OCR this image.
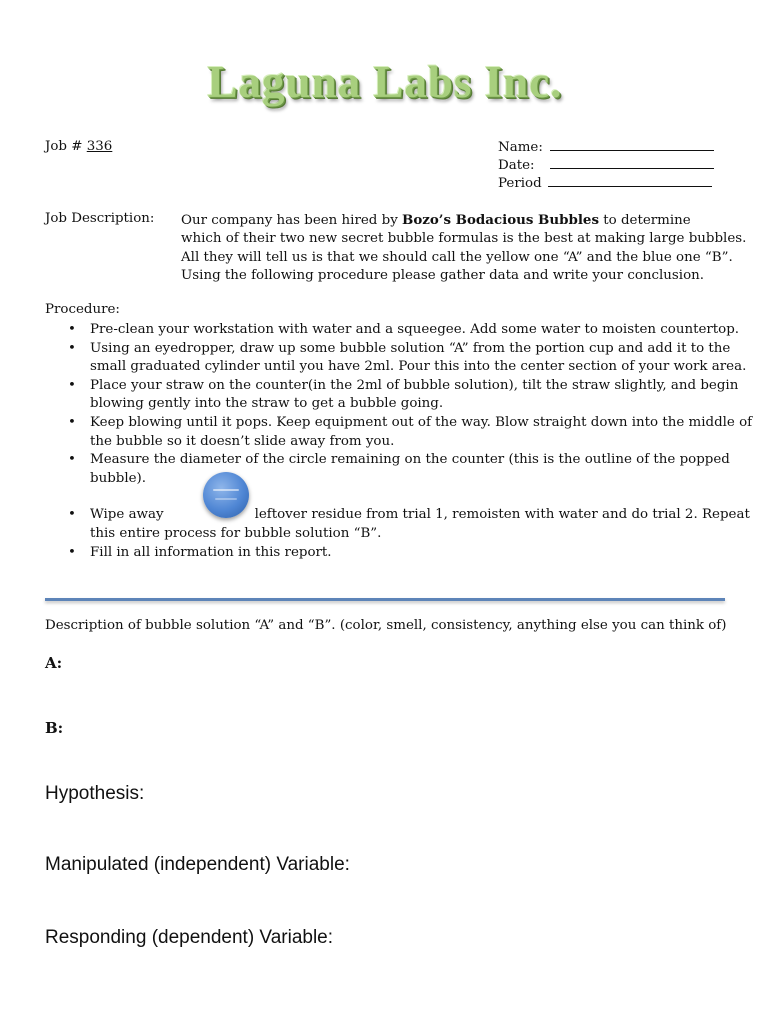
Laguna Labs Inc.
Job # 336	Name:
Date:
Period
Job Description: Our company has been hired by Bozo’s Bodacious Bubbles to determine
which of their two new secret bubble formulas is the best at making large bubbles.
All they will tell us is that we should call the yellow one “A” and the blue one “B”.
Using the following procedure please gather data and write your conclusion.
Procedure:
• Pre-clean your workstation with water and a squeegee. Add some water to moisten countertop.
• Using an eyedropper, draw up some bubble solution “A” from the portion cup and add it to the
small graduated cylinder until you have 2ml. Pour this into the center section of your work area.
• Place your straw on the counter(in the 2ml of bubble solution), tilt the straw slightly, and begin
blowing gently into the straw to get a bubble going.
• Keep blowing until it pops. Keep equipment out of the way. Blow straight down into the middle of
the bubble so it doesn’t slide away from you.
• Measure the diameter of the circle remaining on the counter (this is the outline of the popped
bubble).
• Wipe away	leftover residue from trial 1, remoisten with water and do trial 2. Repeat
this entire process for bubble solution “B”.
• Fill in all information in this report.
Description of bubble solution “A” and “B”. (color, smell, consistency, anything else you can think of)
A:
B:
Hypothesis:
Manipulated (independent) Variable:
Responding (dependent) Variable:
